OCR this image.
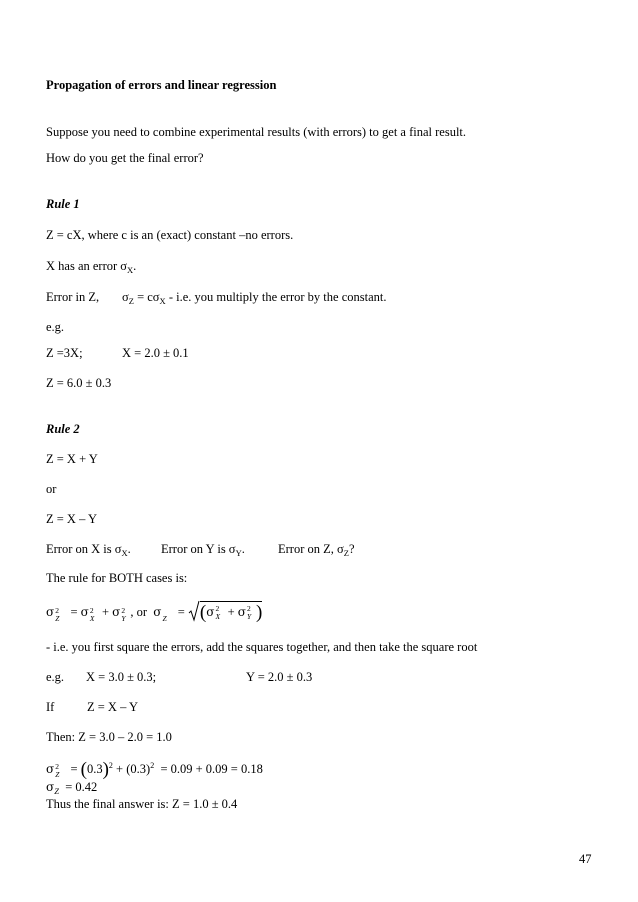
Propagation of errors and linear regression
Suppose you need to combine experimental results (with errors) to get a final result.
How do you get the final error?
Rule 1
Z = cX, where c is an (exact) constant –no errors.
X has an error $\sigma_X$.
Error in Z, $\sigma_Z = c\sigma_X - i.e$. you multiply the error by the constant.
e.g.
Z =3X;	X = 2.0 ± 0.1
Z = 6.0 ± 0.3
Rule 2
Z = X + Y
or
Z = X – Y
Error on X is $\sigma_X$. Error on Y is $\sigma_Y$.	Error on Z, $\sigma_Z$?
The rule for BOTH cases is:
σ 2
Z = σ 2
X + σ 2
Y , or σ Z = (σ 2
X + σ 2
Y )
- i.e. you first square the errors, add the squares together, and then take the square root
e.g. X = 3.0 ± 0.3;	Y = 2.0 ± 0.3
If	Z = X – Y
Then: Z = 3.0 – 2.0 = 1.0
σ 2
$Z = (0.3)^2 + (0.3)^2 = 0.09 + 0.09 = 0.18$
$\sigma_Z = 0.42$
Thus the final answer is: Z = 1.0 ± 0.4
47
